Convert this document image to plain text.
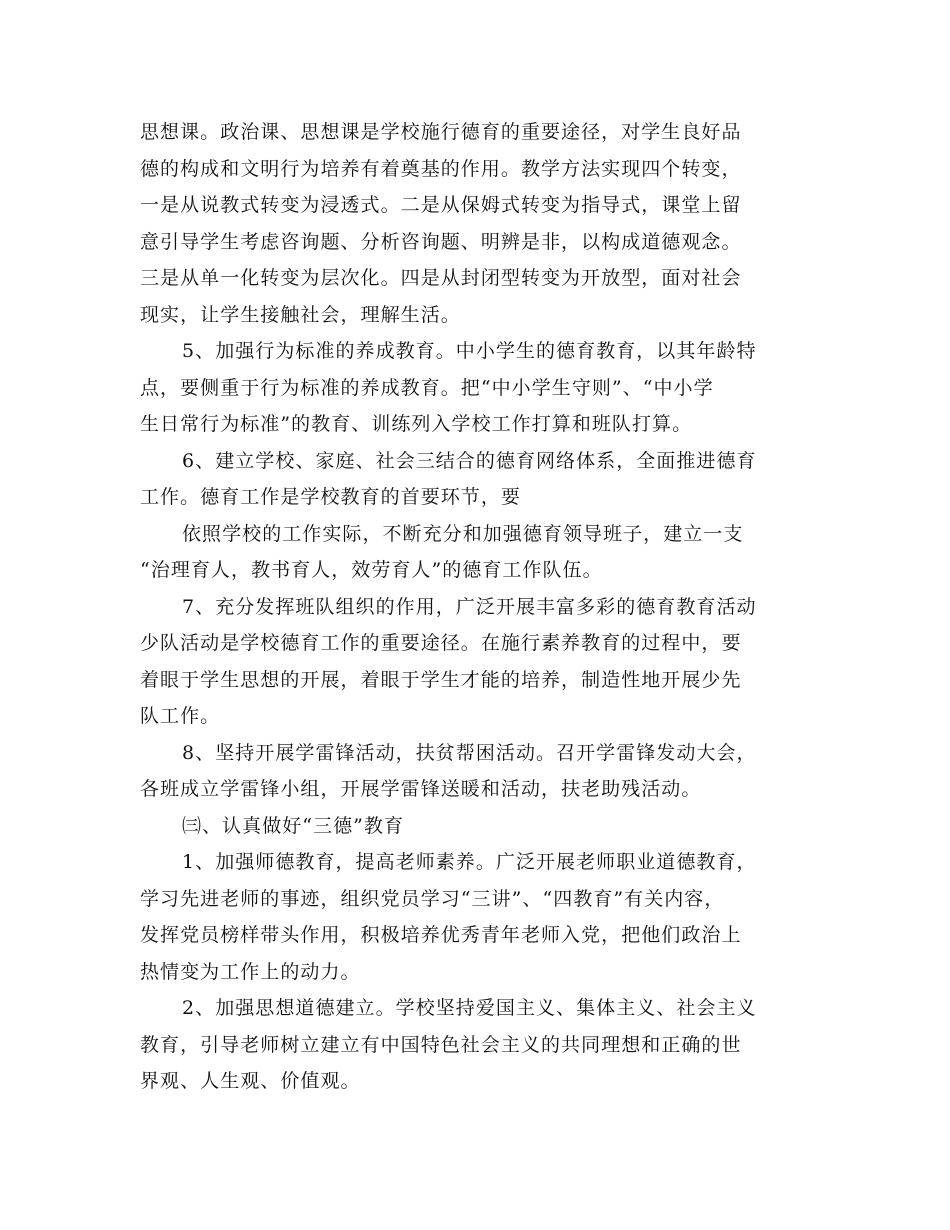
思想课。政治课、思想课是学校施行德育的重要途径，对学生良好品
德的构成和文明行为培养有着奠基的作用。教学方法实现四个转变，
一是从说教式转变为浸透式。二是从保姆式转变为指导式，课堂上留
意引导学生考虑咨询题、分析咨询题、明辨是非，以构成道德观念。
三是从单一化转变为层次化。四是从封闭型转变为开放型，面对社会
现实，让学生接触社会，理解生活。
5、加强行为标准的养成教育。中小学生的德育教育，以其年龄特
点，要侧重于行为标准的养成教育。把“中小学生守则”、“中小学
生日常行为标准”的教育、训练列入学校工作打算和班队打算。
6、建立学校、家庭、社会三结合的德育网络体系，全面推进德育
工作。德育工作是学校教育的首要环节，要
依照学校的工作实际，不断充分和加强德育领导班子，建立一支
“治理育人，教书育人，效劳育人”的德育工作队伍。
7、充分发挥班队组织的作用，广泛开展丰富多彩的德育教育活动
少队活动是学校德育工作的重要途径。在施行素养教育的过程中，要
着眼于学生思想的开展，着眼于学生才能的培养，制造性地开展少先
队工作。
8、坚持开展学雷锋活动，扶贫帮困活动。召开学雷锋发动大会，
各班成立学雷锋小组，开展学雷锋送暖和活动，扶老助残活动。
㈢、认真做好“三德”教育
1、加强师德教育，提高老师素养。广泛开展老师职业道德教育，
学习先进老师的事迹，组织党员学习“三讲”、“四教育”有关内容，
发挥党员榜样带头作用，积极培养优秀青年老师入党，把他们政治上
热情变为工作上的动力。
2、加强思想道德建立。学校坚持爱国主义、集体主义、社会主义
教育，引导老师树立建立有中国特色社会主义的共同理想和正确的世
界观、人生观、价值观。
